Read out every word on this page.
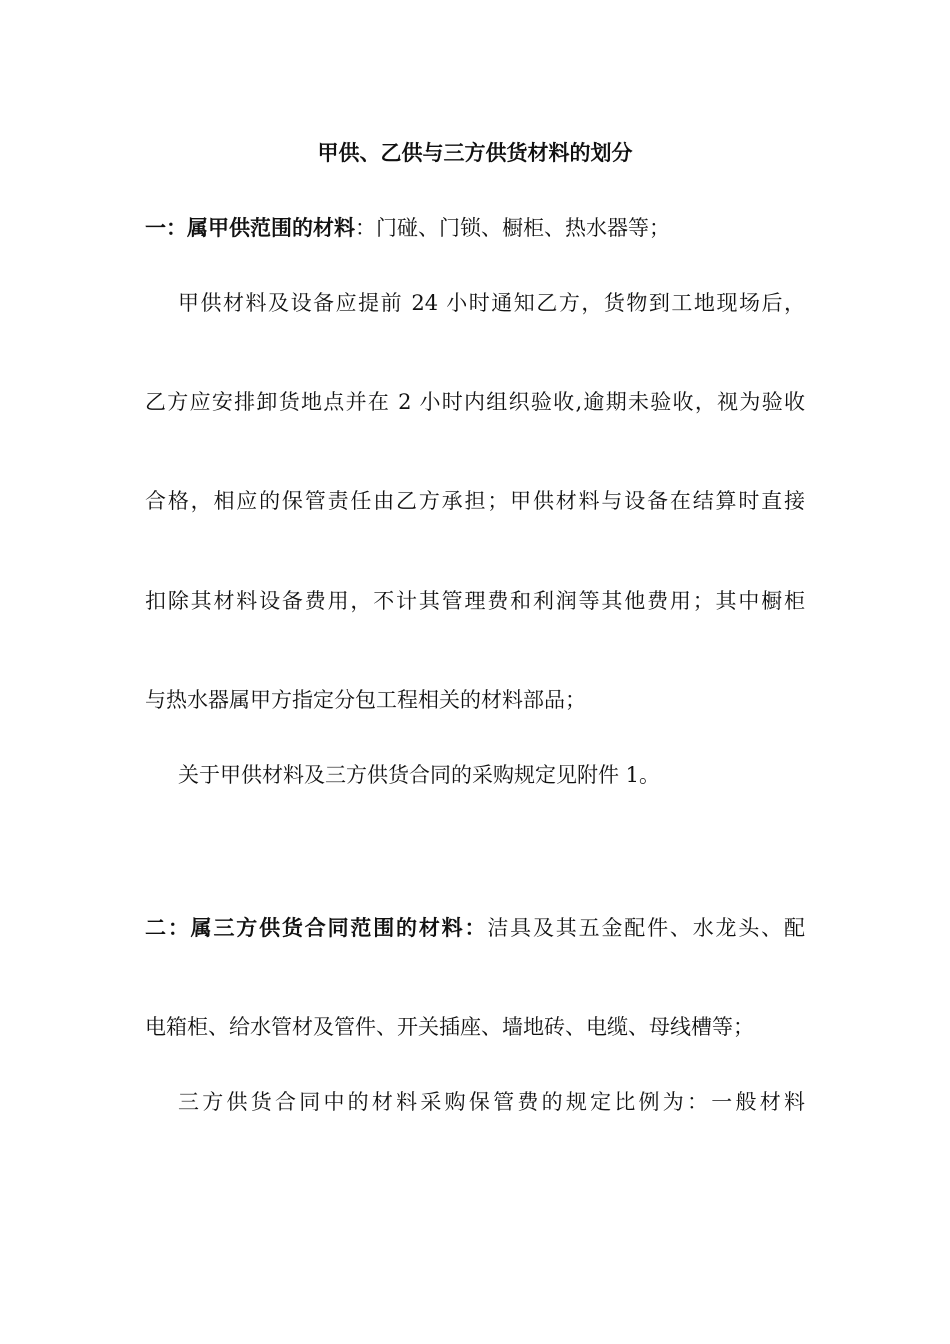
甲供、乙供与三方供货材料的划分
一：属甲供范围的材料：门碰、门锁、橱柜、热水器等；
甲供材料及设备应提前 24 小时通知乙方，货物到工地现场后，
乙方应安排卸货地点并在 2 小时内组织验收,逾期未验收，视为验收
合格，相应的保管责任由乙方承担；甲供材料与设备在结算时直接
扣除其材料设备费用，不计其管理费和利润等其他费用；其中橱柜
与热水器属甲方指定分包工程相关的材料部品；
关于甲供材料及三方供货合同的采购规定见附件 1。
二：属三方供货合同范围的材料：洁具及其五金配件、水龙头、配
电箱柜、给水管材及管件、开关插座、墙地砖、电缆、母线槽等；
三方供货合同中的材料采购保管费的规定比例为：一般材料
